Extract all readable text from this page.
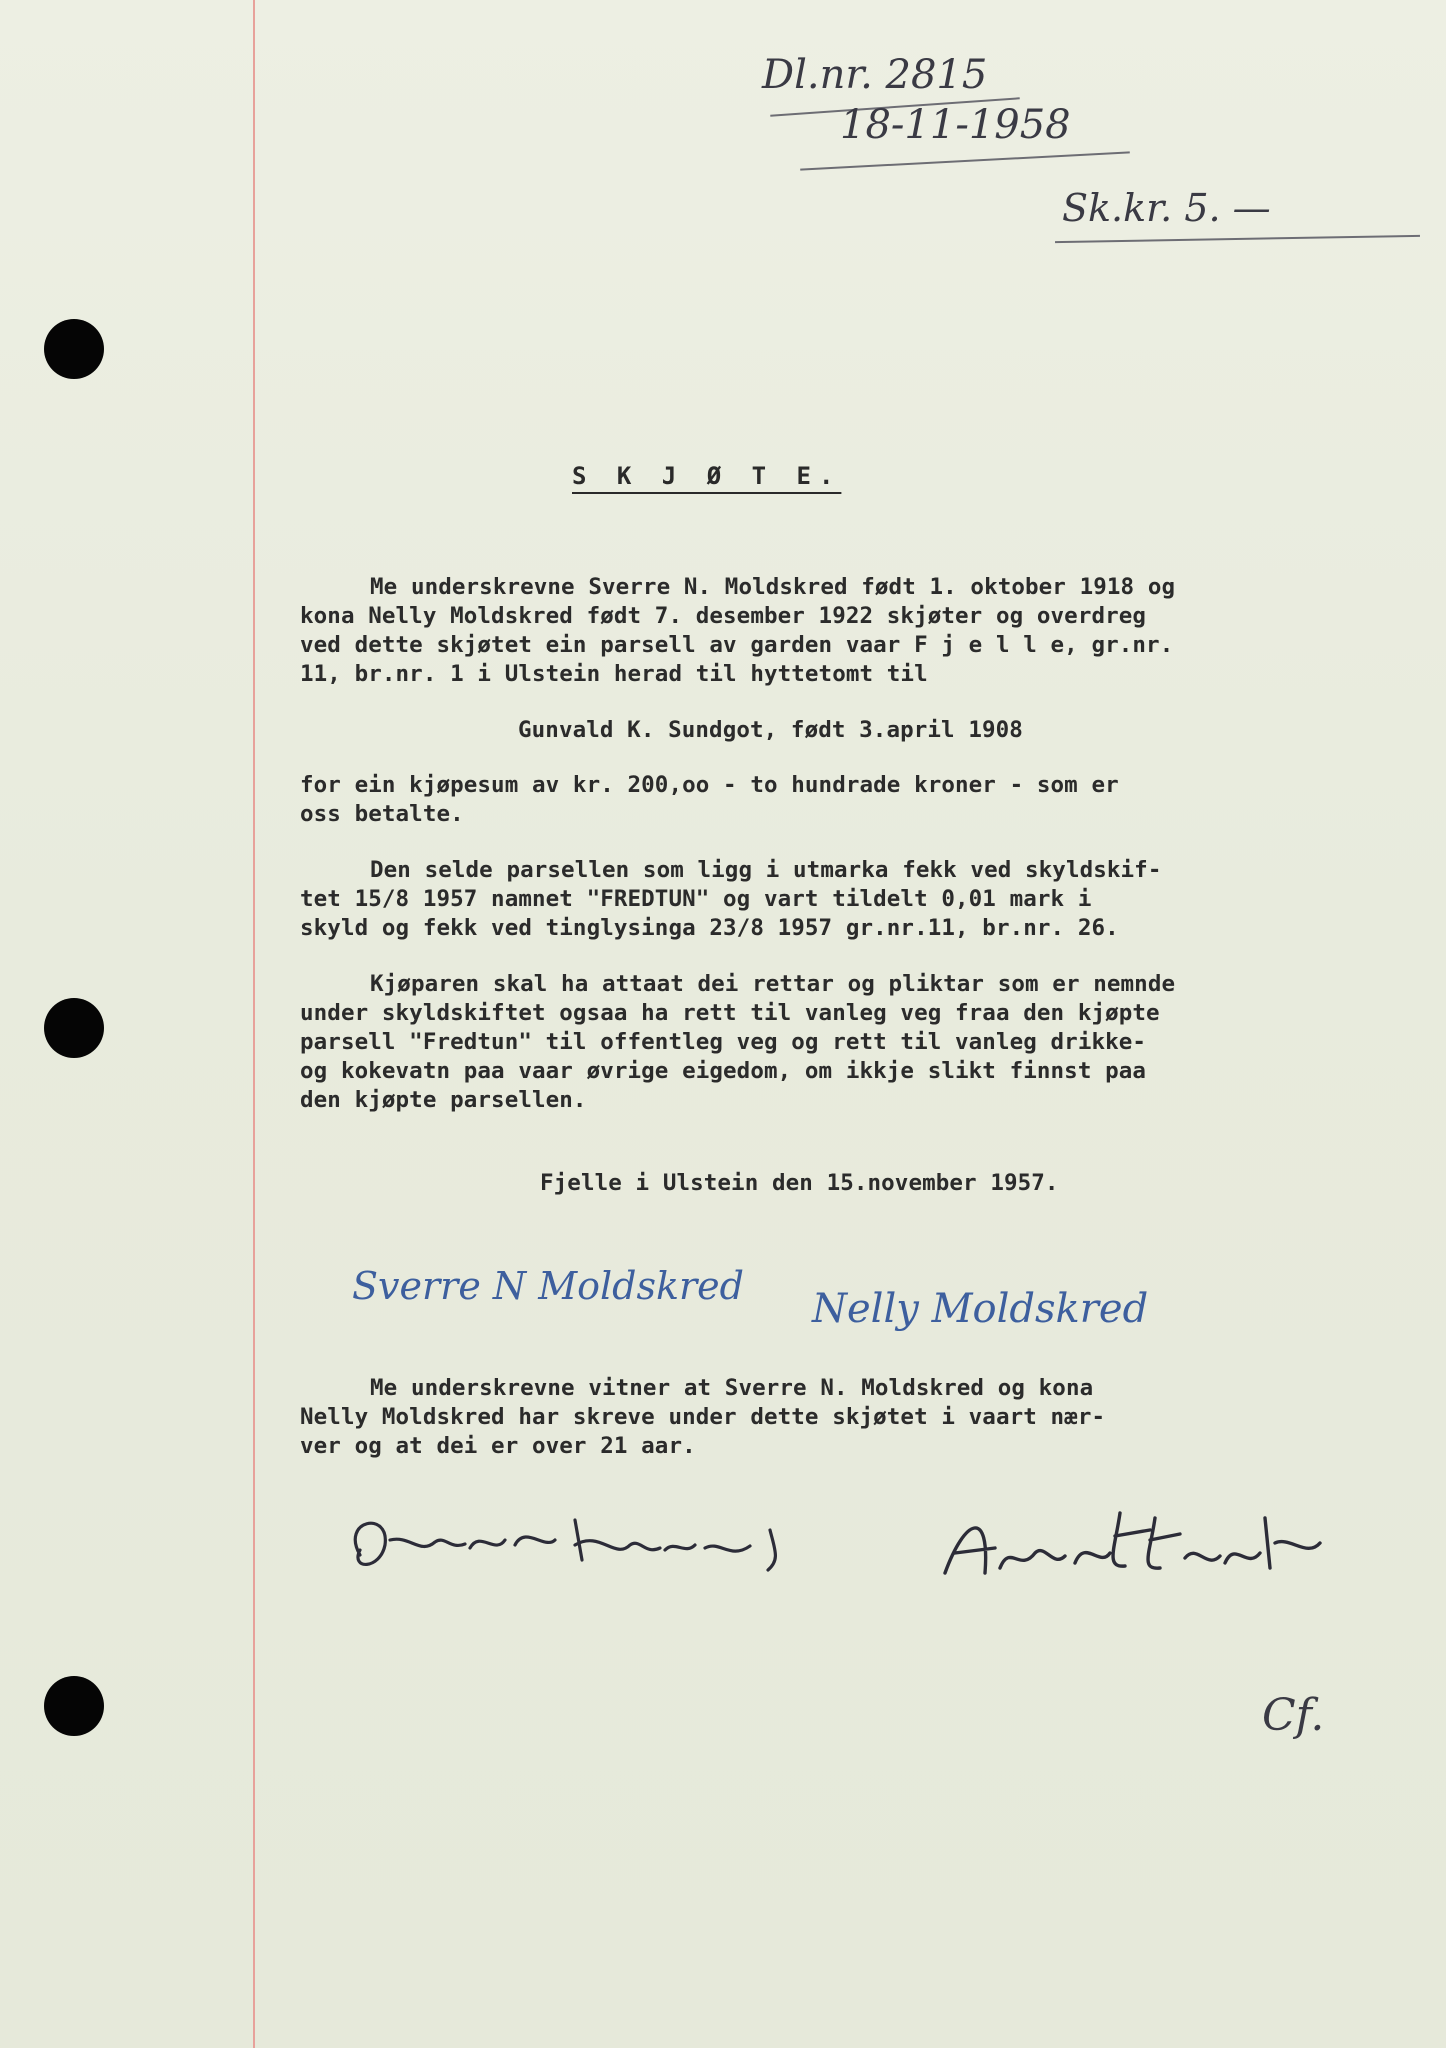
Dl.nr. 2815
18-11-1958
Sk.kr. 5. —
S K J Ø T E.
Me underskrevne Sverre N. Moldskred født 1. oktober 1918 og
kona Nelly Moldskred født 7. desember 1922 skjøter og overdreg
ved dette skjøtet ein parsell av garden vaar F j e l l e, gr.nr.
11, br.nr. 1 i Ulstein herad til hyttetomt til
Gunvald K. Sundgot, født 3.april 1908
for ein kjøpesum av kr. 200,oo - to hundrade kroner - som er
oss betalte.
Den selde parsellen som ligg i utmarka fekk ved skyldskif-
tet 15/8 1957 namnet "FREDTUN" og vart tildelt 0,01 mark i
skyld og fekk ved tinglysinga 23/8 1957 gr.nr.11, br.nr. 26.
Kjøparen skal ha attaat dei rettar og pliktar som er nemnde
under skyldskiftet ogsaa ha rett til vanleg veg fraa den kjøpte
parsell "Fredtun" til offentleg veg og rett til vanleg drikke-
og kokevatn paa vaar øvrige eigedom, om ikkje slikt finnst paa
den kjøpte parsellen.
Fjelle i Ulstein den 15.november 1957.
Sverre N Moldskred Nelly Moldskred
Me underskrevne vitner at Sverre N. Moldskred og kona
Nelly Moldskred har skreve under dette skjøtet i vaart nær-
ver og at dei er over 21 aar.
Cf.
